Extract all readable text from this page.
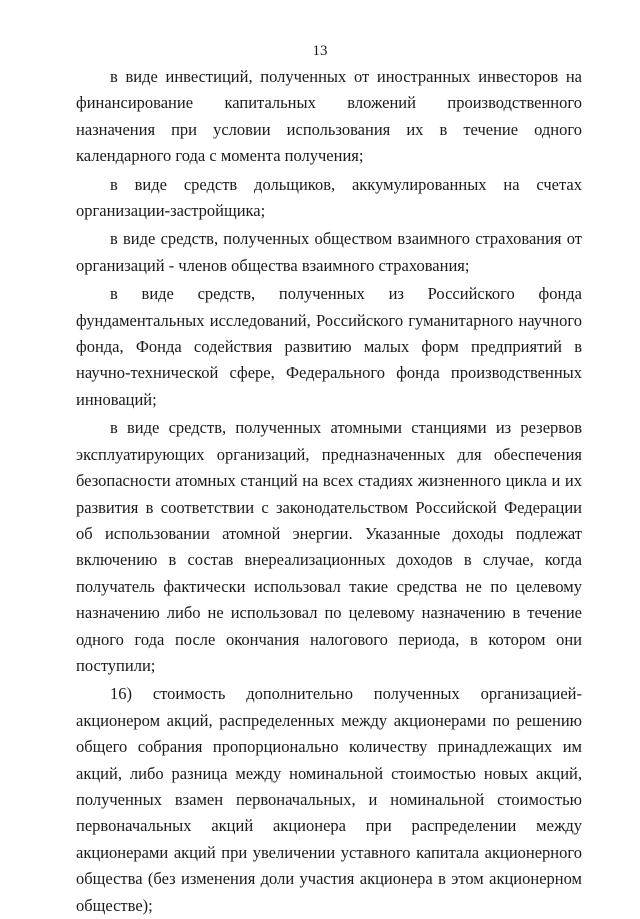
13

в виде инвестиций, полученных от иностранных инвесторов на финансирование капитальных вложений производственного назначения при условии использования их в течение одного календарного года с момента получения;

в виде средств дольщиков, аккумулированных на счетах организации-застройщика;

в виде средств, полученных обществом взаимного страхования от организаций - членов общества взаимного страхования;

в виде средств, полученных из Российского фонда фундаментальных исследований, Российского гуманитарного научного фонда, Фонда содействия развитию малых форм предприятий в научно-технической сфере, Федерального фонда производственных инноваций;

в виде средств, полученных атомными станциями из резервов эксплуатирующих организаций, предназначенных для обеспечения безопасности атомных станций на всех стадиях жизненного цикла и их развития в соответствии с законодательством Российской Федерации об использовании атомной энергии. Указанные доходы подлежат включению в состав внереализационных доходов в случае, когда получатель фактически использовал такие средства не по целевому назначению либо не использовал по целевому назначению в течение одного года после окончания налогового периода, в котором они поступили;

16) стоимость дополнительно полученных организацией-акционером акций, распределенных между акционерами по решению общего собрания пропорционально количеству принадлежащих им акций, либо разница между номинальной стоимостью новых акций, полученных взамен первоначальных, и номинальной стоимостью первоначальных акций акционера при распределении между акционерами акций при увеличении уставного капитала акционерного общества (без изменения доли участия акционера в этом акционерном обществе);
